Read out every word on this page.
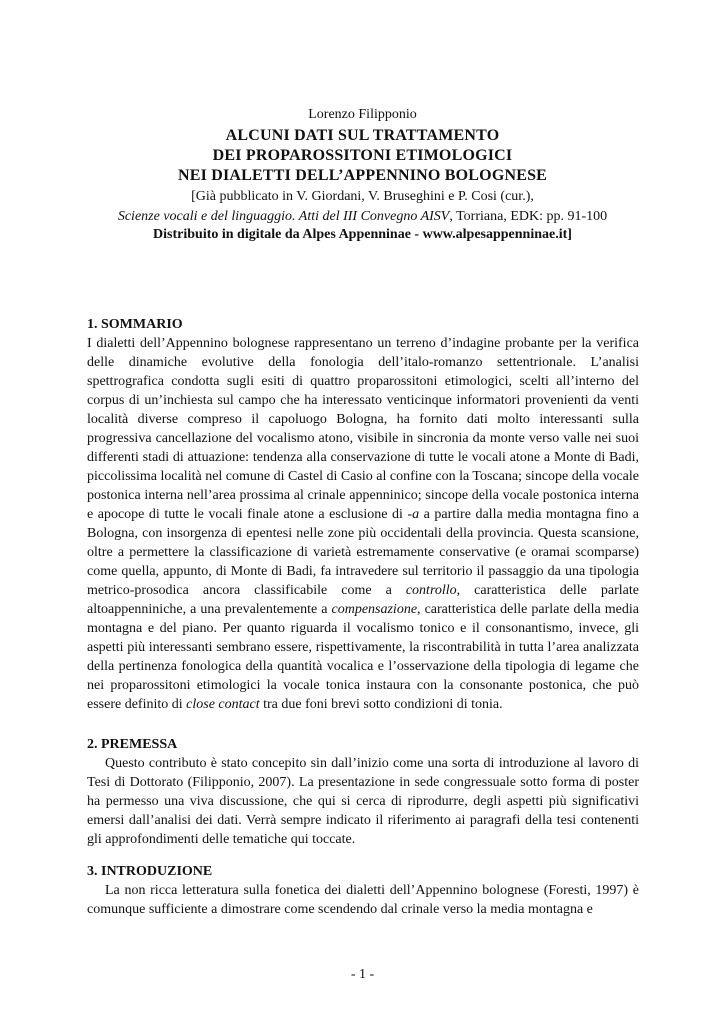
Lorenzo Filipponio
ALCUNI DATI SUL TRATTAMENTO
DEI PROPAROSSITONI ETIMOLOGICI
NEI DIALETTI DELL’APPENNINO BOLOGNESE
[Già pubblicato in V. Giordani, V. Bruseghini e P. Cosi (cur.),
Scienze vocali e del linguaggio. Atti del III Convegno AISV, Torriana, EDK: pp. 91-100
Distribuito in digitale da Alpes Appenninae - www.alpesappenninae.it]

1. SOMMARIO

I dialetti dell’Appennino bolognese rappresentano un terreno d’indagine probante per la verifica delle dinamiche evolutive della fonologia dell’italo-romanzo settentrionale. L’analisi spettrografica condotta sugli esiti di quattro proparossitoni etimologici, scelti all’interno del corpus di un’inchiesta sul campo che ha interessato venticinque informatori provenienti da venti località diverse compreso il capoluogo Bologna, ha fornito dati molto interessanti sulla progressiva cancellazione del vocalismo atono, visibile in sincronia da monte verso valle nei suoi differenti stadi di attuazione: tendenza alla conservazione di tutte le vocali atone a Monte di Badi, piccolissima località nel comune di Castel di Casio al confine con la Toscana; sincope della vocale postonica interna nell’area prossima al crinale appenninico; sincope della vocale postonica interna e apocope di tutte le vocali finale atone a esclusione di -a a partire dalla media montagna fino a Bologna, con insorgenza di epentesi nelle zone più occidentali della provincia. Questa scansione, oltre a permettere la classificazione di varietà estremamente conservative (e oramai scomparse) come quella, appunto, di Monte di Badi, fa intravedere sul territorio il passaggio da una tipologia metrico-prosodica ancora classificabile come a controllo, caratteristica delle parlate altoappenniniche, a una prevalentemente a compensazione, caratteristica delle parlate della media montagna e del piano. Per quanto riguarda il vocalismo tonico e il consonantismo, invece, gli aspetti più interessanti sembrano essere, rispettivamente, la riscontrabilità in tutta l’area analizzata della pertinenza fonologica della quantità vocalica e l’osservazione della tipologia di legame che nei proparossitoni etimologici la vocale tonica instaura con la consonante postonica, che può essere definito di close contact tra due foni brevi sotto condizioni di tonia.

2. PREMESSA

Questo contributo è stato concepito sin dall’inizio come una sorta di introduzione al lavoro di Tesi di Dottorato (Filipponio, 2007). La presentazione in sede congressuale sotto forma di poster ha permesso una viva discussione, che qui si cerca di riprodurre, degli aspetti più significativi emersi dall’analisi dei dati. Verrà sempre indicato il riferimento ai paragrafi della tesi contenenti gli approfondimenti delle tematiche qui toccate.

3. INTRODUZIONE

La non ricca letteratura sulla fonetica dei dialetti dell’Appennino bolognese (Foresti, 1997) è comunque sufficiente a dimostrare come scendendo dal crinale verso la media montagna e

- 1 -
